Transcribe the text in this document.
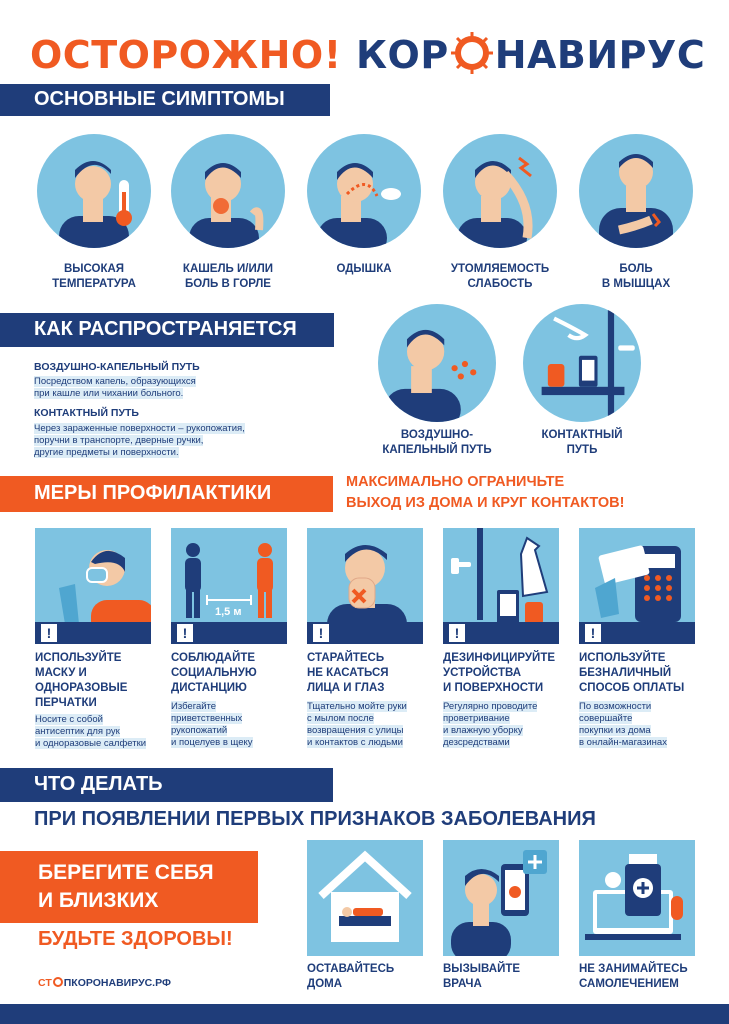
ОСТОРОЖНО! КОР НАВИРУС
ОСНОВНЫЕ СИМПТОМЫ
ВЫСОКАЯ
ТЕМПЕРАТУРА
КАШЕЛЬ И/ИЛИ
БОЛЬ В ГОРЛЕ
ОДЫШКА	УТОМЛЯЕМОСТЬ
СЛАБОСТЬ
БОЛЬ
В МЫШЦАХ
КАК РАСПРОСТРАНЯЕТСЯ
ВОЗДУШНО-КАПЕЛЬНЫЙ ПУТЬ
Посредством капель, образующихся
при кашле или чихании больного.
КОНТАКТНЫЙ ПУТЬ
Через зараженные поверхности – рукопожатия,
поручни в транспорте, дверные ручки,
другие предметы и поверхности.
ВОЗДУШНО-
КАПЕЛЬНЫЙ ПУТЬ
КОНТАКТНЫЙ
ПУТЬ
МЕРЫ ПРОФИЛАКТИКИ	МАКСИМАЛЬНО ОГРАНИЧЬТЕ
ВЫХОД ИЗ ДОМА И КРУГ КОНТАКТОВ!
!
ИСПОЛЬЗУЙТЕ
МАСКУ И
ОДНОРАЗОВЫЕ
ПЕРЧАТКИ
Носите с собой
антисептик для рук
и одноразовые салфетки
1,5 м
!
СОБЛЮДАЙТЕ
СОЦИАЛЬНУЮ
ДИСТАНЦИЮ
Избегайте
приветственных
рукопожатий
и поцелуев в щеку
!
СТАРАЙТЕСЬ
НЕ КАСАТЬСЯ
ЛИЦА И ГЛАЗ
Тщательно мойте руки
с мылом после
возвращения с улицы
и контактов с людьми
!
ДЕЗИНФИЦИРУЙТЕ
УСТРОЙСТВА
И ПОВЕРХНОСТИ
Регулярно проводите
проветривание
и влажную уборку
дезсредствами
!
ИСПОЛЬЗУЙТЕ
БЕЗНАЛИЧНЫЙ
СПОСОБ ОПЛАТЫ
По возможности
совершайте
покупки из дома
в онлайн-магазинах
ЧТО ДЕЛАТЬ
ПРИ ПОЯВЛЕНИИ ПЕРВЫХ ПРИЗНАКОВ ЗАБОЛЕВАНИЯ
БЕРЕГИТЕ СЕБЯ
И БЛИЗКИХ
БУДЬТЕ ЗДОРОВЫ!
СТ ПКОРОНАВИРУС.РФ
ОСТАВАЙТЕСЬ
ДОМА
ВЫЗЫВАЙТЕ
ВРАЧА
НЕ ЗАНИМАЙТЕСЬ
САМОЛЕЧЕНИЕМ
